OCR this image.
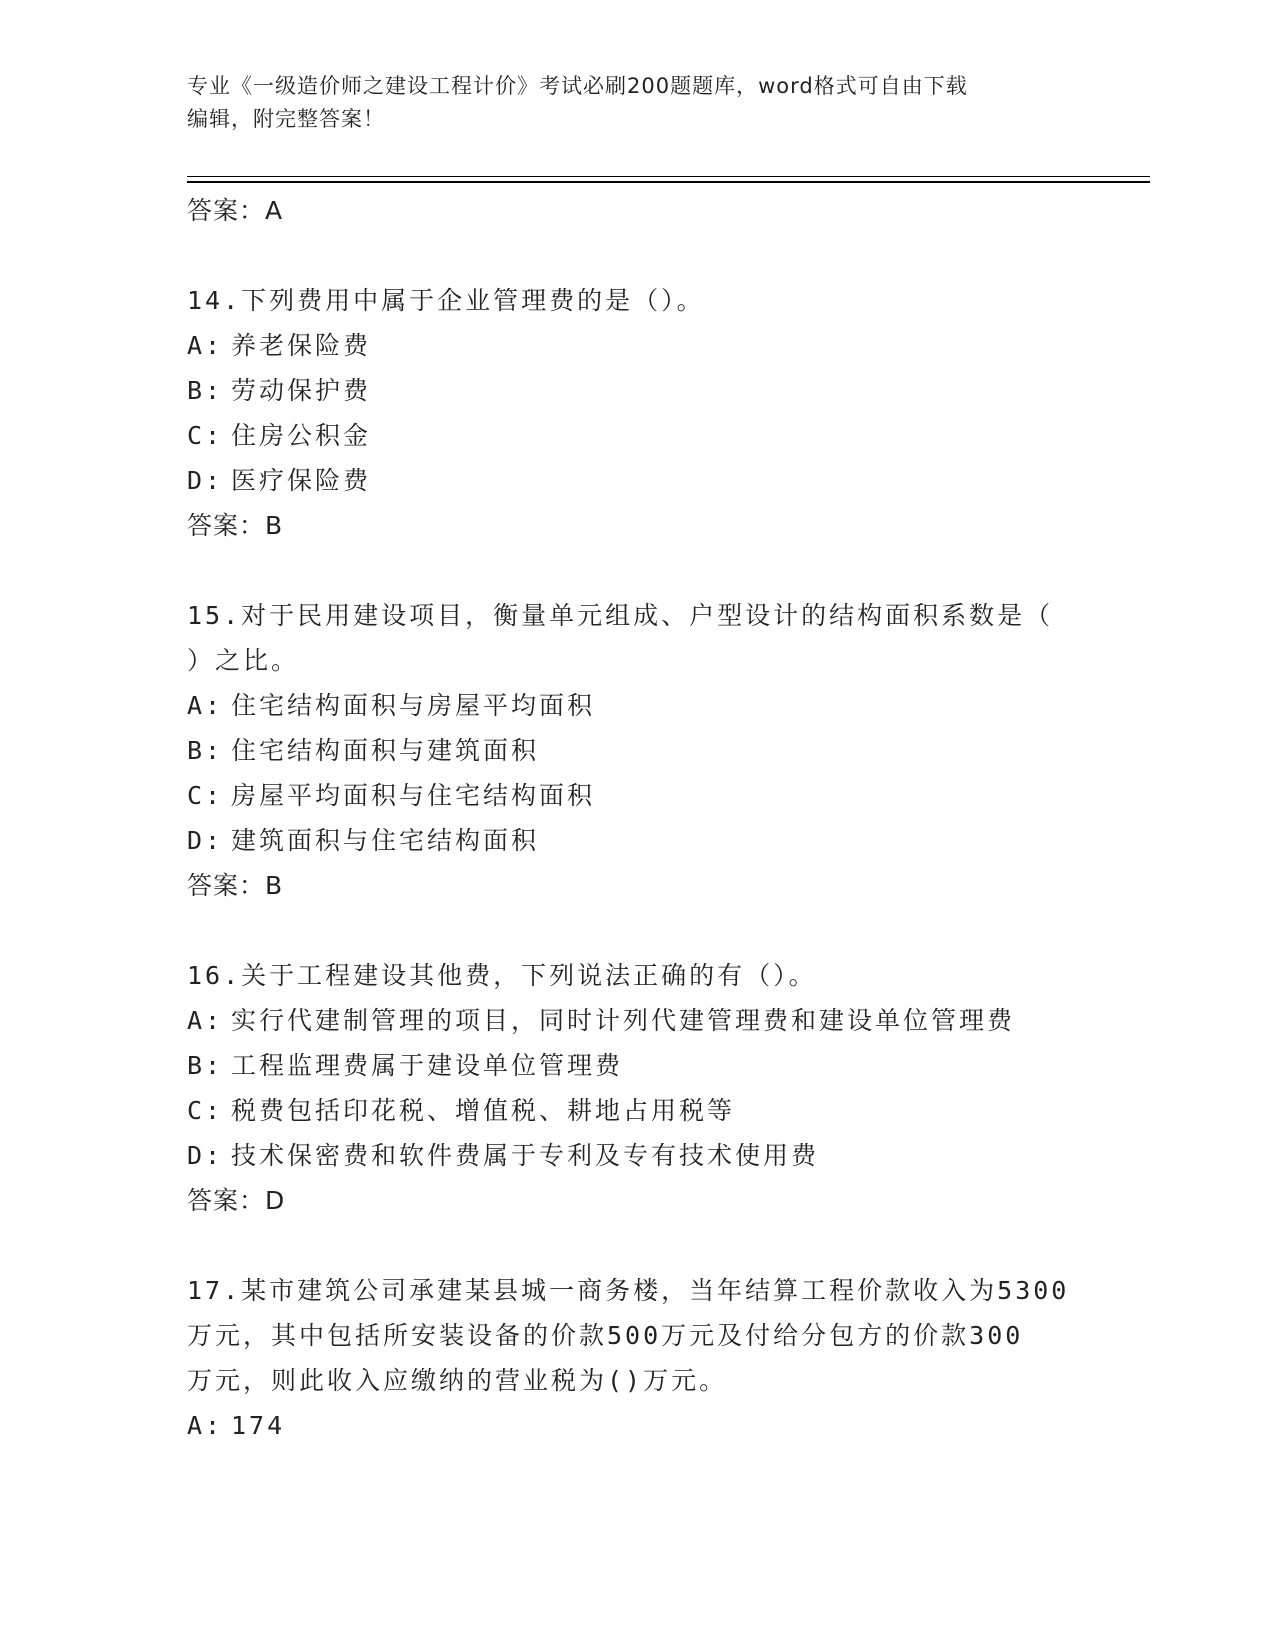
专业《一级造价师之建设工程计价》考试必刷200题题库，word格式可自由下载
编辑，附完整答案！
答案：A
14.下列费用中属于企业管理费的是（）。
A: 养老保险费
B: 劳动保护费
C: 住房公积金
D: 医疗保险费
答案：B
15.对于民用建设项目，衡量单元组成、户型设计的结构面积系数是（
）之比。
A: 住宅结构面积与房屋平均面积
B: 住宅结构面积与建筑面积
C: 房屋平均面积与住宅结构面积
D: 建筑面积与住宅结构面积
答案：B
16.关于工程建设其他费，下列说法正确的有（）。
A: 实行代建制管理的项目，同时计列代建管理费和建设单位管理费
B: 工程监理费属于建设单位管理费
C: 税费包括印花税、增值税、耕地占用税等
D: 技术保密费和软件费属于专利及专有技术使用费
答案：D
17.某市建筑公司承建某县城一商务楼，当年结算工程价款收入为5300
万元，其中包括所安装设备的价款500万元及付给分包方的价款300
万元，则此收入应缴纳的营业税为()万元。
A: 174
